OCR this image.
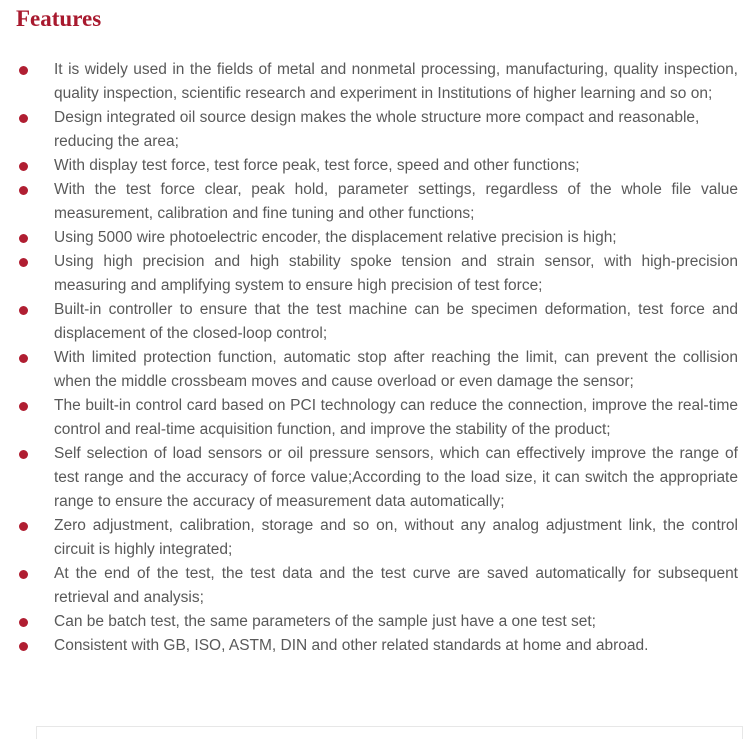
Features
It is widely used in the fields of metal and nonmetal processing, manufacturing, quality inspection, quality inspection, scientific research and experiment in Institutions of higher learning and so on;
Design integrated oil source design makes the whole structure more compact and reasonable, reducing the area;
With display test force, test force peak, test force, speed and other functions;
With the test force clear, peak hold, parameter settings, regardless of the whole file value measurement, calibration and fine tuning and other functions;
Using 5000 wire photoelectric encoder, the displacement relative precision is high;
Using high precision and high stability spoke tension and strain sensor, with high-precision measuring and amplifying system to ensure high precision of test force;
Built-in controller to ensure that the test machine can be specimen deformation, test force and displacement of the closed-loop control;
With limited protection function, automatic stop after reaching the limit, can prevent the collision when the middle crossbeam moves and cause overload or even damage the sensor;
The built-in control card based on PCI technology can reduce the connection, improve the real-time control and real-time acquisition function, and improve the stability of the product;
Self selection of load sensors or oil pressure sensors, which can effectively improve the range of test range and the accuracy of force value;According to the load size, it can switch the appropriate range to ensure the accuracy of measurement data automatically;
Zero adjustment, calibration, storage and so on, without any analog adjustment link, the control circuit is highly integrated;
At the end of the test, the test data and the test curve are saved automatically for subsequent retrieval and analysis;
Can be batch test, the same parameters of the sample just have a one test set;
Consistent with GB, ISO, ASTM, DIN and other related standards at home and abroad.
